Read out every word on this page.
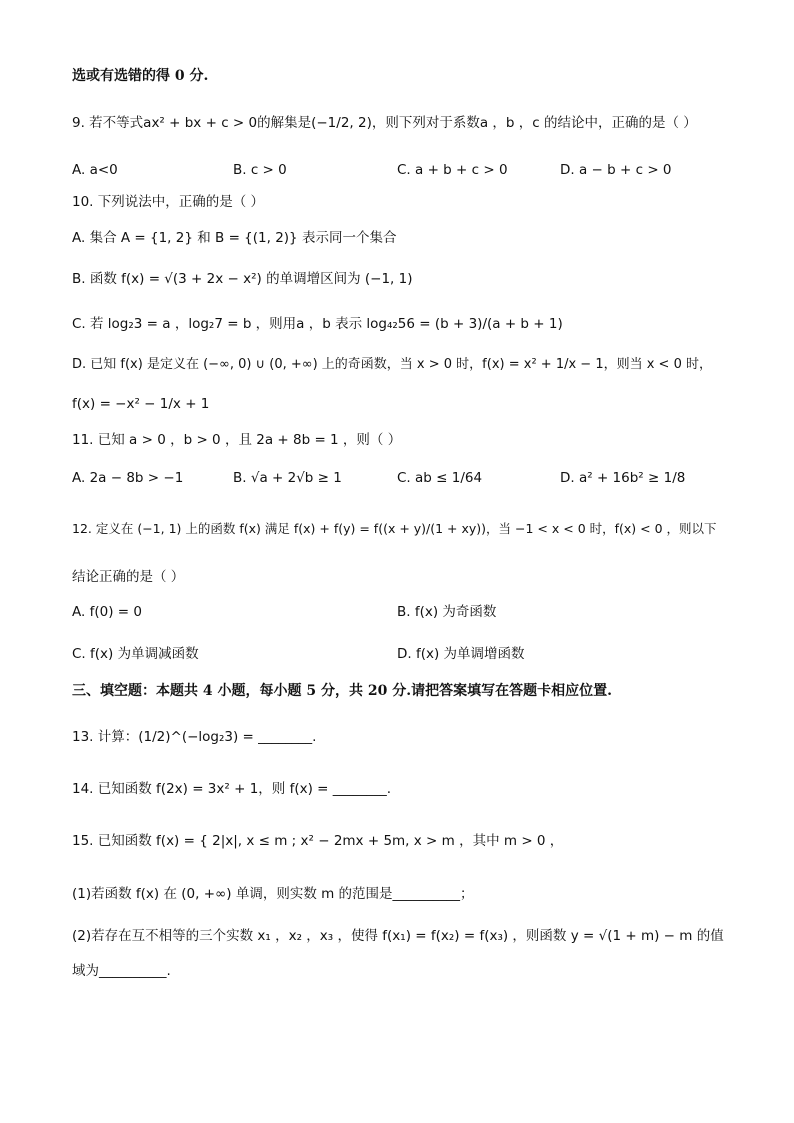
选或有选错的得 0 分.
9. 若不等式ax² + bx + c > 0的解集是(−1/2, 2)，则下列对于系数a ，b ，c 的结论中，正确的是（ ）
A. a<0	B. c > 0	C. a + b + c > 0	D. a − b + c > 0
10. 下列说法中，正确的是（ ）
A. 集合 A = {1, 2} 和 B = {(1, 2)} 表示同一个集合
B. 函数 f(x) = √(3 + 2x − x²) 的单调增区间为 (−1, 1)
C. 若 log₂3 = a ，log₂7 = b ，则用a ，b 表示 log₄₂56 = (b + 3)/(a + b + 1)
D. 已知 f(x) 是定义在 (−∞, 0) ∪ (0, +∞) 上的奇函数，当 x > 0 时，f(x) = x² + 1/x − 1，则当 x < 0 时，
f(x) = −x² − 1/x + 1
11. 已知 a > 0 ，b > 0 ，且 2a + 8b = 1 ，则（ ）
A. 2a − 8b > −1	B. √a + 2√b ≥ 1	C. ab ≤ 1/64	D. a² + 16b² ≥ 1/8
12. 定义在 (−1, 1) 上的函数 f(x) 满足 f(x) + f(y) = f((x + y)/(1 + xy))，当 −1 < x < 0 时，f(x) < 0 ，则以下
结论正确的是（ ）
A. f(0) = 0	B. f(x) 为奇函数
C. f(x) 为单调减函数	D. f(x) 为单调增函数
三、填空题：本题共 4 小题，每小题 5 分，共 20 分.请把答案填写在答题卡相应位置.
13. 计算：(1/2)^(−log₂3) = ________.
14. 已知函数 f(2x) = 3x² + 1，则 f(x) = ________.
15. 已知函数 f(x) = { 2|x|, x ≤ m ; x² − 2mx + 5m, x > m ，其中 m > 0 ，
(1)若函数 f(x) 在 (0, +∞) 单调，则实数 m 的范围是__________；
(2)若存在互不相等的三个实数 x₁ ，x₂ ，x₃ ，使得 f(x₁) = f(x₂) = f(x₃) ，则函数 y = √(1 + m) − m 的值
域为__________.
